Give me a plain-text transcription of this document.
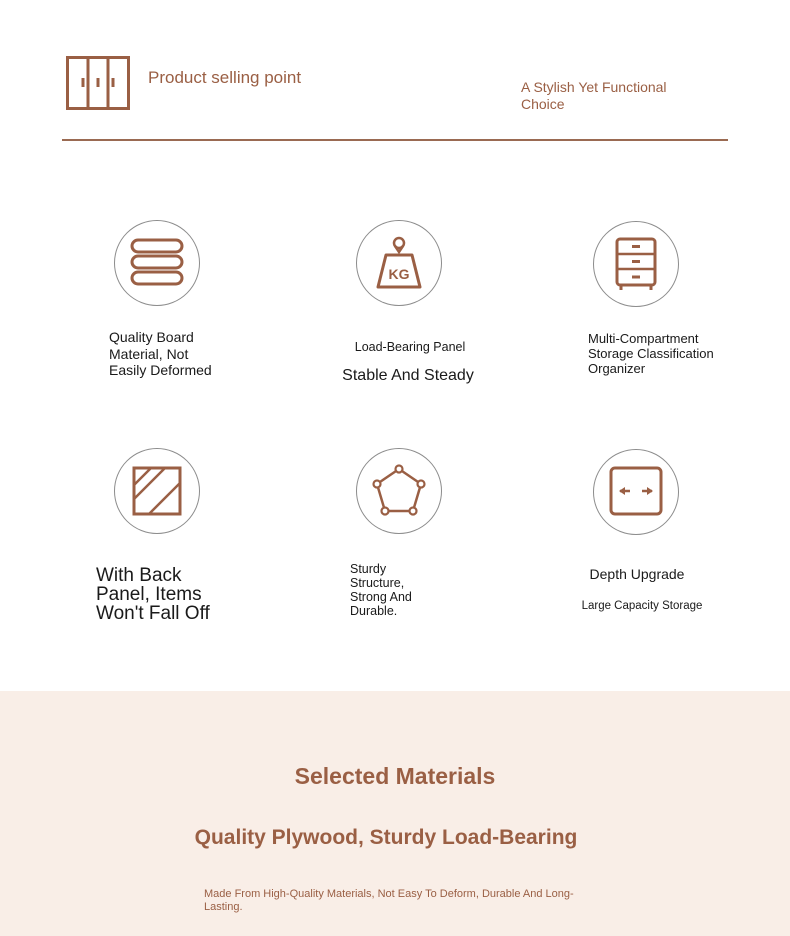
Product selling point	A Stylish Yet Functional Choice
Quality Board Material, Not Easily Deformed
KG
Load-Bearing Panel
Stable And Steady
Multi-Compartment Storage Classification Organizer
With Back Panel, Items Won't Fall Off
Sturdy Structure, Strong And Durable.
Depth Upgrade
Large Capacity Storage
Selected Materials
Quality Plywood, Sturdy Load-Bearing
Made From High-Quality Materials, Not Easy To Deform, Durable And Long-Lasting.
